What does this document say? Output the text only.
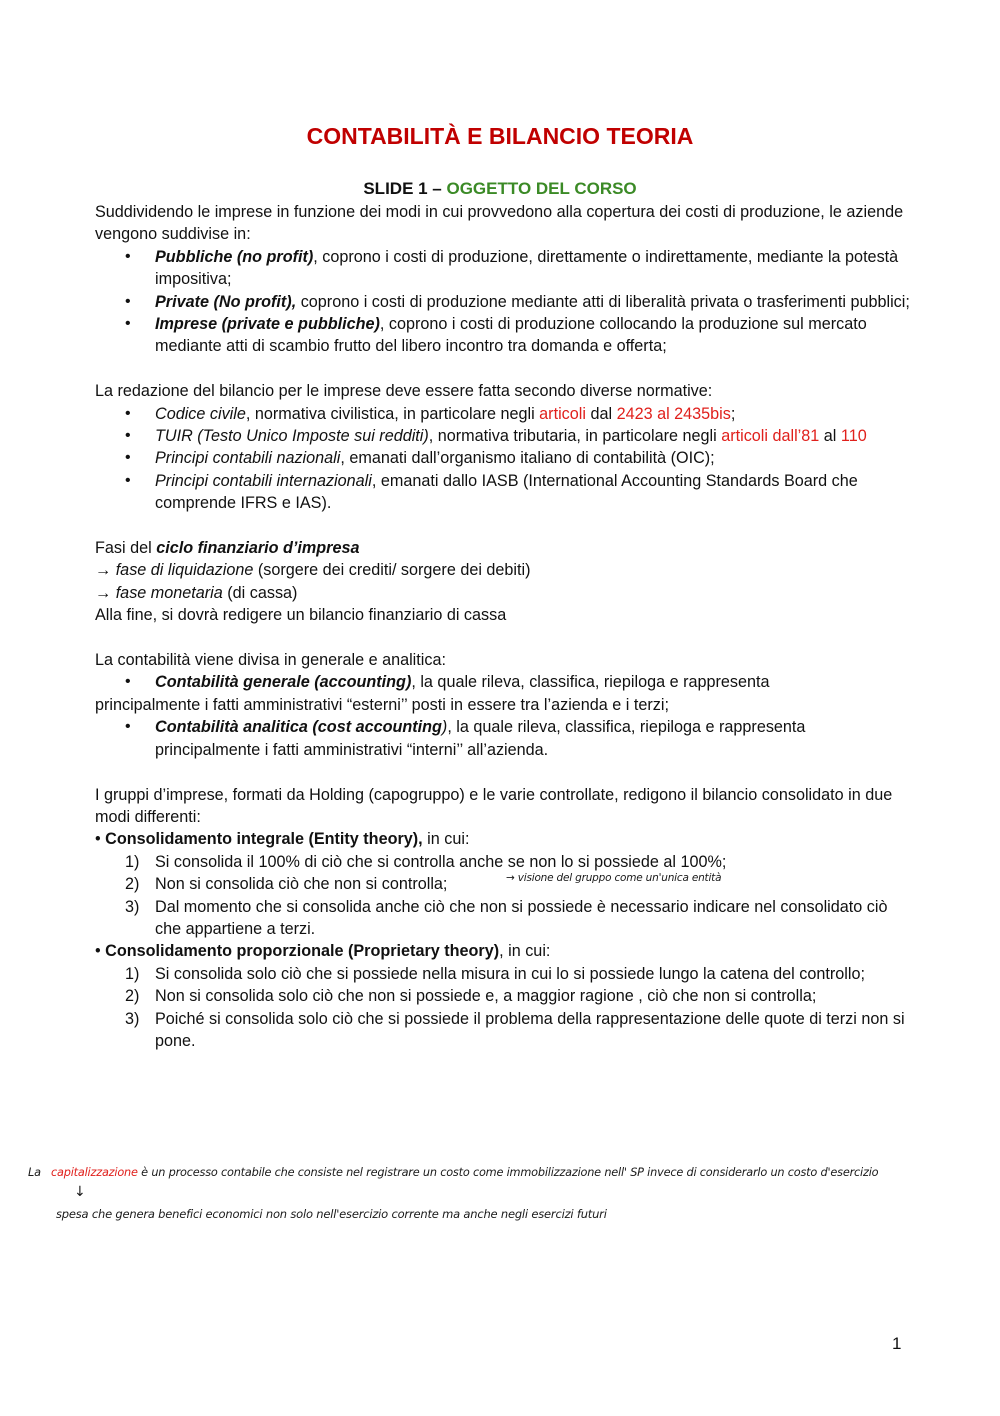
CONTABILITÀ E BILANCIO TEORIA
SLIDE 1 – OGGETTO DEL CORSO

Suddividendo le imprese in funzione dei modi in cui provvedono alla copertura dei costi di produzione, le aziende vengono suddivise in:

• Pubbliche (no profit), coprono i costi di produzione, direttamente o indirettamente, mediante la potestà impositiva;
• Private (No profit), coprono i costi di produzione mediante atti di liberalità privata o trasferimenti pubblici;
• Imprese (private e pubbliche), coprono i costi di produzione collocando la produzione sul mercato mediante atti di scambio frutto del libero incontro tra domanda e offerta;

La redazione del bilancio per le imprese deve essere fatta secondo diverse normative:

• Codice civile, normativa civilistica, in particolare negli articoli dal 2423 al 2435bis;
• TUIR (Testo Unico Imposte sui redditi), normativa tributaria, in particolare negli articoli dall’81 al 110
• Principi contabili nazionali, emanati dall’organismo italiano di contabilità (OIC);
• Principi contabili internazionali, emanati dallo IASB (International Accounting Standards Board che comprende IFRS e IAS).

Fasi del ciclo finanziario d’impresa

→ fase di liquidazione (sorgere dei crediti/ sorgere dei debiti)

→ fase monetaria (di cassa)

Alla fine, si dovrà redigere un bilancio finanziario di cassa

La contabilità viene divisa in generale e analitica:

• Contabilità generale (accounting), la quale rileva, classifica, riepiloga e rappresenta

principalmente i fatti amministrativi “esterni’’ posti in essere tra l’azienda e i terzi;

• Contabilità analitica (cost accounting), la quale rileva, classifica, riepiloga e rappresenta principalmente i fatti amministrativi “interni’’ all’azienda.

I gruppi d’imprese, formati da Holding (capogruppo) e le varie controllate, redigono il bilancio consolidato in due modi differenti:

• Consolidamento integrale (Entity theory), in cui:

1) Si consolida il 100% di ciò che si controlla anche se non lo si possiede al 100%;
2) Non si consolida ciò che non si controlla;
3) Dal momento che si consolida anche ciò che non si possiede è necessario indicare nel consolidato ciò che appartiene a terzi.

• Consolidamento proporzionale (Proprietary theory), in cui:

1) Si consolida solo ciò che si possiede nella misura in cui lo si possiede lungo la catena del controllo;
2) Non si consolida solo ciò che non si possiede e, a maggior ragione , ciò che non si controlla;
3) Poiché si consolida solo ciò che si possiede il problema della rappresentazione delle quote di terzi non si pone.
→ visione del gruppo come un'unica entità
La capitalizzazione è un processo contabile che consiste nel registrare un costo come immobilizzazione nell' SP invece di considerarlo un costo d'esercizio
↓
spesa che genera benefici economici non solo nell'esercizio corrente ma anche negli esercizi futuri
1
